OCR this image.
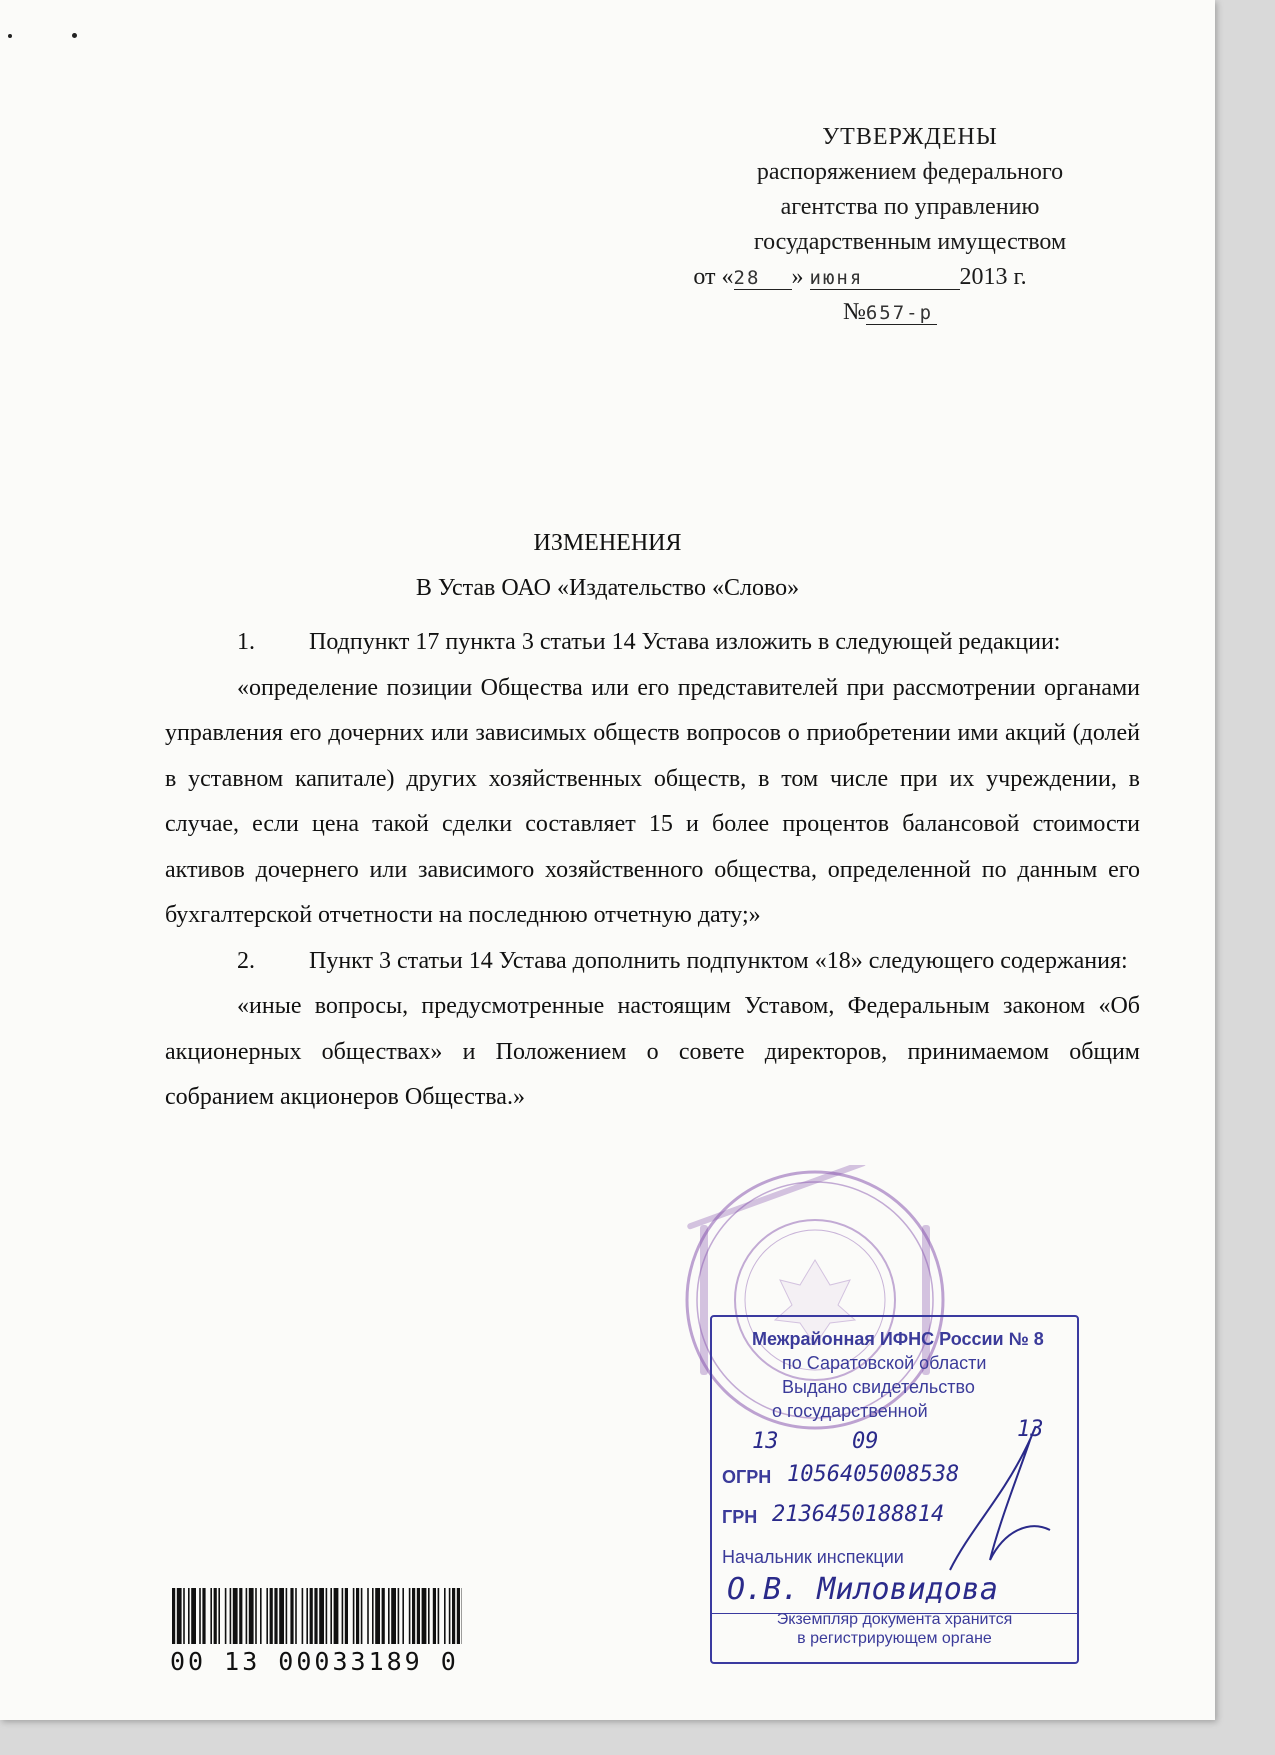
УТВЕРЖДЕНЫ
распоряжением федерального
агентства по управлению
государственным имуществом
от «28 » июня	2013 г.
№657-р
ИЗМЕНЕНИЯ
В Устав ОАО «Издательство «Слово»

1. Подпункт 17 пункта 3 статьи 14 Устава изложить в следующей редакции:

«определение позиции Общества или его представителей при рассмотрении органами управления его дочерних или зависимых обществ вопросов о приобретении ими акций (долей в уставном капитале) других хозяйственных обществ, в том числе при их учреждении, в случае, если цена такой сделки составляет 15 и более процентов балансовой стоимости активов дочернего или зависимого хозяйственного общества, определенной по данным его бухгалтерской отчетности на последнюю отчетную дату;»

2. Пункт 3 статьи 14 Устава дополнить подпунктом «18» следующего содержания:

«иные вопросы, предусмотренные настоящим Уставом, Федеральным законом «Об акционерных обществах» и Положением о совете директоров, принимаемом общим собранием акционеров Общества.»

Межрайонная ИФНС России № 8
по Саратовской области
Выдано свидетельство
о государственной
13	09	13
ОГРН 1056405008538
ГРН 2136450188814
Начальник инспекции
О.В. Миловидова
Экземпляр документа хранится
в регистрирующем органе
00 13 00033189 0
